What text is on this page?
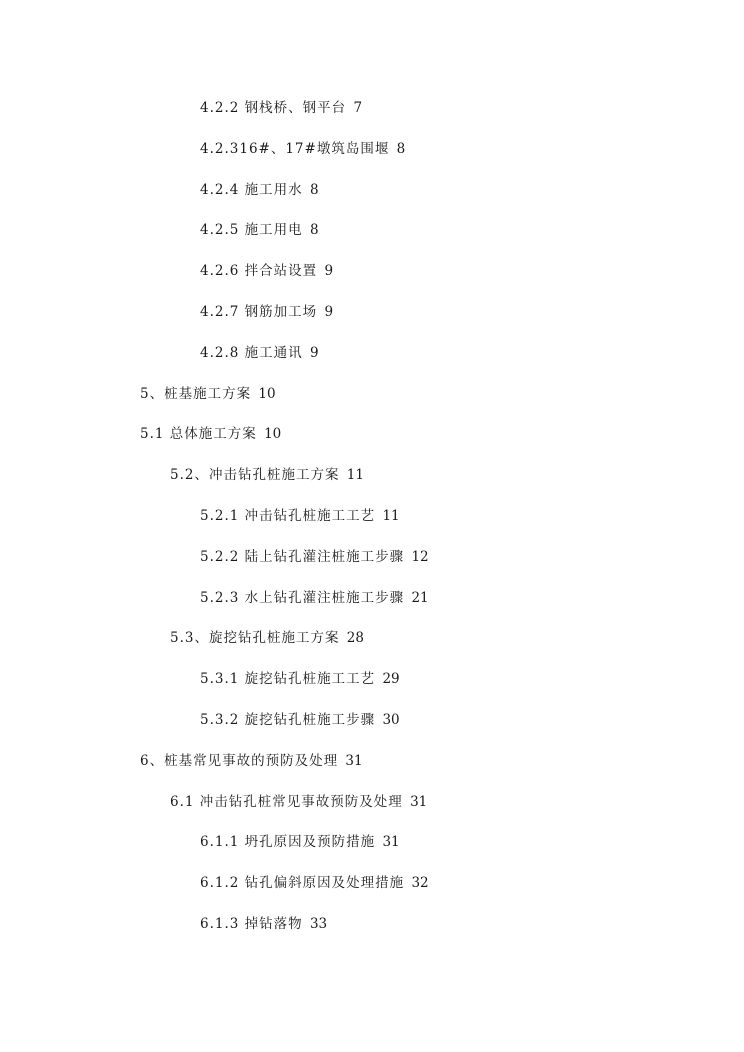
4.2.2 钢栈桥、钢平台 7
4.2.316#、17#墩筑岛围堰 8
4.2.4 施工用水 8
4.2.5 施工用电 8
4.2.6 拌合站设置 9
4.2.7 钢筋加工场 9
4.2.8 施工通讯 9
5、桩基施工方案 10
5.1 总体施工方案 10
5.2、冲击钻孔桩施工方案 11
5.2.1 冲击钻孔桩施工工艺 11
5.2.2 陆上钻孔灌注桩施工步骤 12
5.2.3 水上钻孔灌注桩施工步骤 21
5.3、旋挖钻孔桩施工方案 28
5.3.1 旋挖钻孔桩施工工艺 29
5.3.2 旋挖钻孔桩施工步骤 30
6、桩基常见事故的预防及处理 31
6.1 冲击钻孔桩常见事故预防及处理 31
6.1.1 坍孔原因及预防措施 31
6.1.2 钻孔偏斜原因及处理措施 32
6.1.3 掉钻落物 33
